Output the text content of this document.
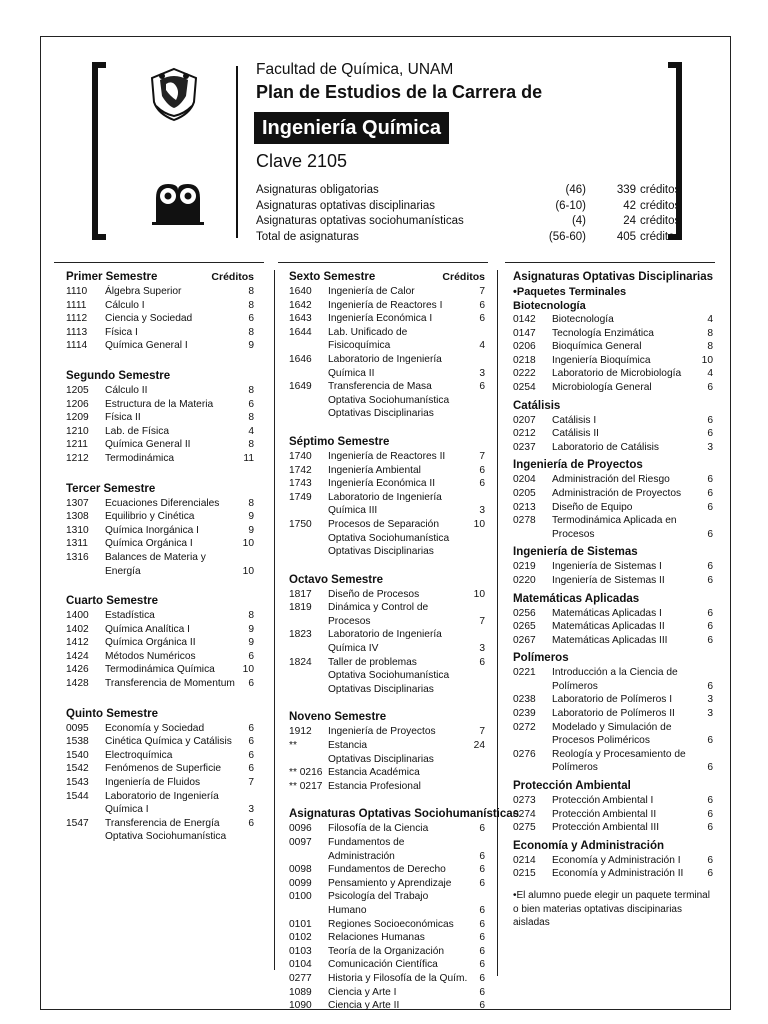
Facultad de Química, UNAM
Plan de Estudios de la Carrera de
Ingeniería Química
Clave 2105
Asignaturas obligatorias	(46)	339 créditos
Asignaturas optativas disciplinarias	(6-10)	42 créditos
Asignaturas optativas sociohumanísticas	(4)	24 créditos
Total de asignaturas	(56-60)	405 créditos
Primer Semestre	Créditos
1110 Álgebra Superior	8
1111 Cálculo I	8
1112 Ciencia y Sociedad	6
1113 Física I	8
1114 Química General I	9
Segundo Semestre
1205 Cálculo II	8
1206 Estructura de la Materia	6
1209 Física II	8
1210 Lab. de Física	4
1211 Química General II	8
1212 Termodinámica	11
Tercer Semestre
1307 Ecuaciones Diferenciales	8
1308 Equilibrio y Cinética	9
1310 Química Inorgánica I	9
1311 Química Orgánica I	10
1316 Balances de Materia y Energía	10
Cuarto Semestre
1400 Estadística	8
1402 Química Analítica I	9
1412 Química Orgánica II	9
1424 Métodos Numéricos	6
1426 Termodinámica Química	10
1428 Transferencia de Momentum	6
Quinto Semestre
0095 Economía y Sociedad	6
1538 Cinética Química y Catálisis	6
1540 Electroquímica	6
1542 Fenómenos de Superficie	6
1543 Ingeniería de Fluidos	7
1544 Laboratorio de Ingeniería Química I	3
1547 Transferencia de Energía	6
Optativa Sociohumanística
Sexto Semestre	Créditos
1640 Ingeniería de Calor	7
1642 Ingeniería de Reactores I	6
1643 Ingeniería Económica I	6
1644 Lab. Unificado de Fisicoquímica	4
1646 Laboratorio de Ingeniería Química II	3
1649 Transferencia de Masa	6
Optativa Sociohumanística
Optativas Disciplinarias
Séptimo Semestre
1740 Ingeniería de Reactores II	7
1742 Ingeniería Ambiental	6
1743 Ingeniería Económica II	6
1749 Laboratorio de Ingeniería Química III	3
1750 Procesos de Separación	10
Optativa Sociohumanística
Optativas Disciplinarias
Octavo Semestre
1817 Diseño de Procesos	10
1819 Dinámica y Control de Procesos	7
1823 Laboratorio de Ingeniería Química IV	3
1824 Taller de problemas	6
Optativa Sociohumanística
Optativas Disciplinarias
Noveno Semestre
1912 Ingeniería de Proyectos	7
**	Estancia	24
Optativas Disciplinarias
** 0216 Estancia Académica
** 0217 Estancia Profesional
Asignaturas Optativas Sociohumanísticas
0096 Filosofía de la Ciencia	6
0097 Fundamentos de Administración	6
0098 Fundamentos de Derecho	6
0099 Pensamiento y Aprendizaje	6
0100 Psicología del Trabajo Humano	6
0101 Regiones Socioeconómicas	6
0102 Relaciones Humanas	6
0103 Teoría de la Organización	6
0104 Comunicación Científica	6
0277 Historia y Filosofía de la Quím.	6
1089 Ciencia y Arte I	6
1090 Ciencia y Arte II	6
Asignaturas Optativas Disciplinarias
•Paquetes Terminales
Biotecnología
0142 Biotecnología	4
0147 Tecnología Enzimática	8
0206 Bioquímica General	8
0218 Ingeniería Bioquímica	10
0222 Laboratorio de Microbiología	4
0254 Microbiología General	6
Catálisis
0207 Catálisis I	6
0212 Catálisis II	6
0237 Laboratorio de Catálisis	3
Ingeniería de Proyectos
0204 Administración del Riesgo	6
0205 Administración de Proyectos	6
0213 Diseño de Equipo	6
0278 Termodinámica Aplicada en Procesos	6
Ingeniería de Sistemas
0219 Ingeniería de Sistemas I	6
0220 Ingeniería de Sistemas II	6
Matemáticas Aplicadas
0256 Matemáticas Aplicadas I	6
0265 Matemáticas Aplicadas II	6
0267 Matemáticas Aplicadas III	6
Polímeros
0221 Introducción a la Ciencia de Polímeros	6
0238 Laboratorio de Polímeros I	3
0239 Laboratorio de Polímeros II	3
0272 Modelado y Simulación de Procesos Poliméricos	6
0276 Reología y Procesamiento de Polímeros	6
Protección Ambiental
0273 Protección Ambiental I	6
0274 Protección Ambiental II	6
0275 Protección Ambiental III	6
Economía y Administración
0214 Economía y Administración I	6
0215 Economía y Administración II	6
•El alumno puede elegir un paquete terminal o bien materias optativas discipinarias aisladas
